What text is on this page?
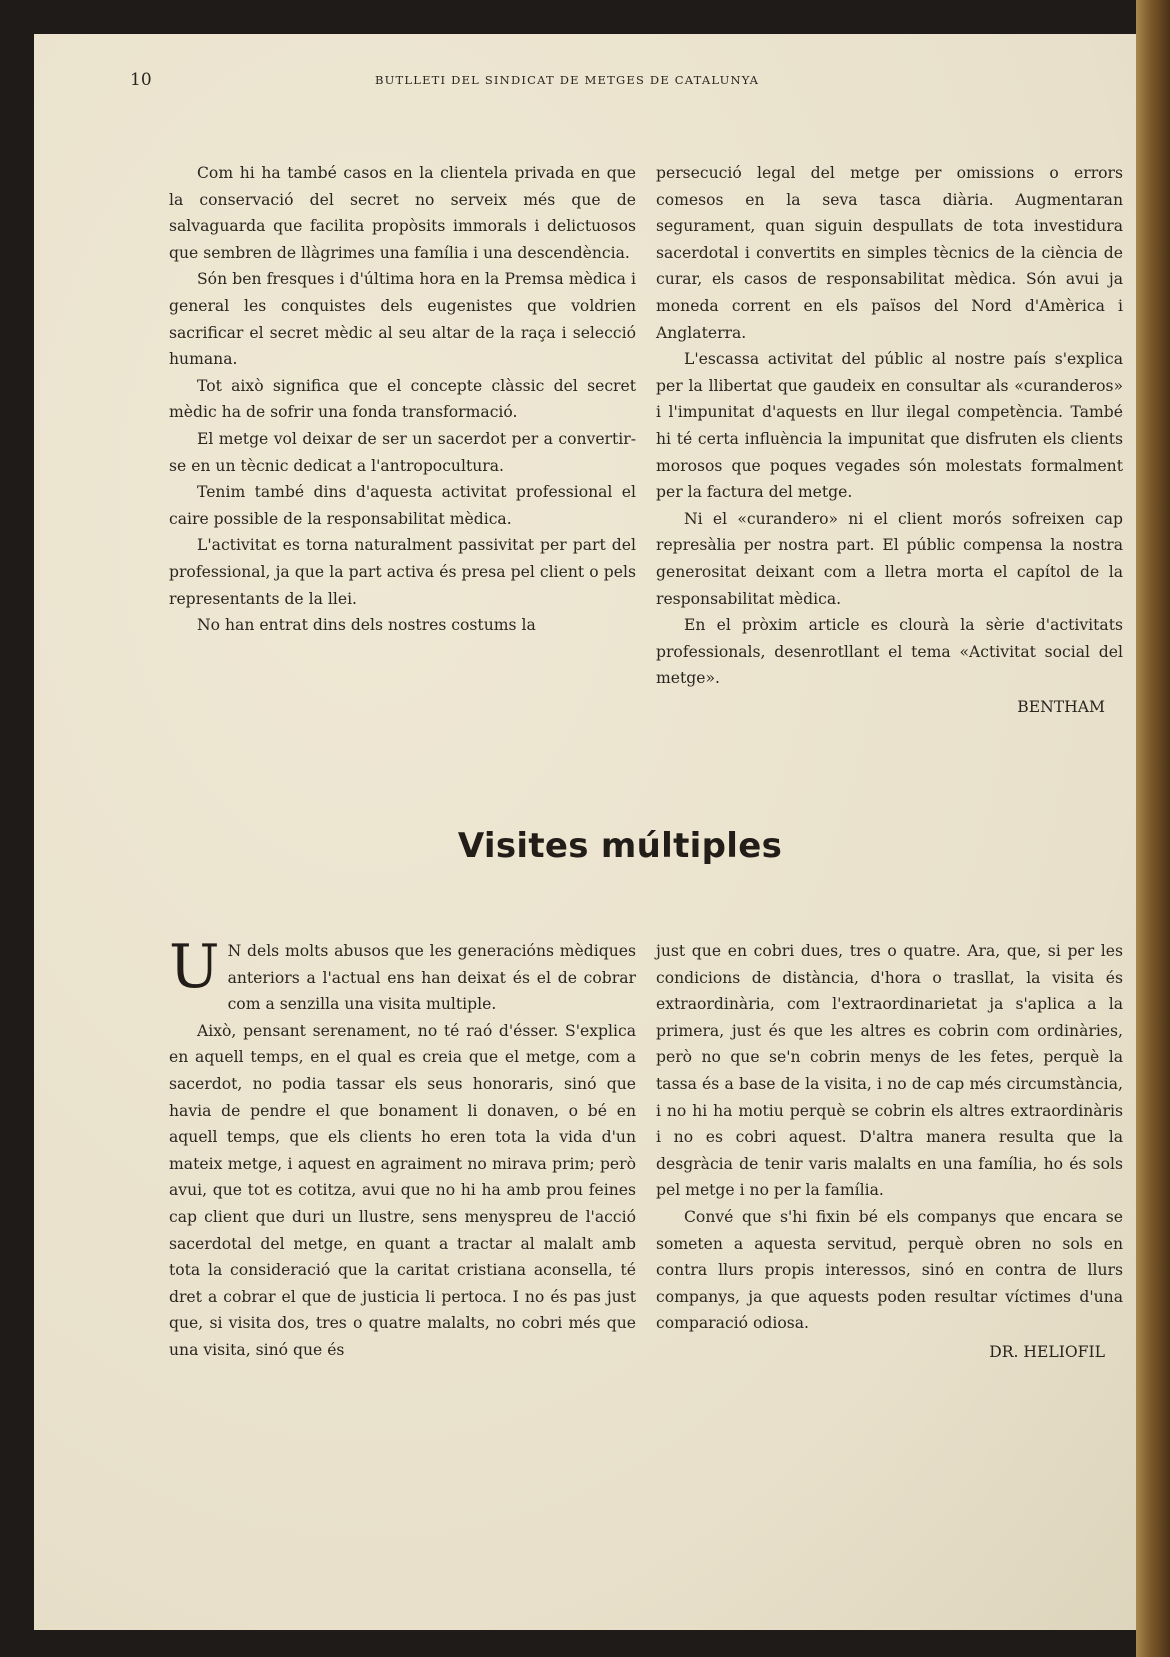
10	BUTLLETI DEL SINDICAT DE METGES DE CATALUNYA

Com hi ha també casos en la clientela privada en que la conservació del secret no serveix més que de salvaguarda que facilita propòsits immorals i delictuosos que sembren de llàgrimes una família i una descendència.

Són ben fresques i d'última hora en la Premsa mèdica i general les conquistes dels eugenistes que voldrien sacrificar el secret mèdic al seu altar de la raça i selecció humana.

Tot això significa que el concepte clàssic del secret mèdic ha de sofrir una fonda transformació.

El metge vol deixar de ser un sacerdot per a convertir-se en un tècnic dedicat a l'antropocultura.

Tenim també dins d'aquesta activitat professional el caire possible de la responsabilitat mèdica.

L'activitat es torna naturalment passivitat per part del professional, ja que la part activa és presa pel client o pels representants de la llei.

No han entrat dins dels nostres costums la

persecució legal del metge per omissions o errors comesos en la seva tasca diària. Augmentaran segurament, quan siguin despullats de tota investidura sacerdotal i convertits en simples tècnics de la ciència de curar, els casos de responsabilitat mèdica. Són avui ja moneda corrent en els països del Nord d'Amèrica i Anglaterra.

L'escassa activitat del públic al nostre país s'explica per la llibertat que gaudeix en consultar als «curanderos» i l'impunitat d'aquests en llur ilegal competència. També hi té certa influència la impunitat que disfruten els clients morosos que poques vegades són molestats formalment per la factura del metge.

Ni el «curandero» ni el client morós sofreixen cap represàlia per nostra part. El públic compensa la nostra generositat deixant com a lletra morta el capítol de la responsabilitat mèdica.

En el pròxim article es clourà la sèrie d'activitats professionals, desenrotllant el tema «Activitat social del metge».

BENTHAM
Visites múltiples

U N dels molts abusos que les generacións mèdiques anteriors a l'actual ens han deixat és el de cobrar com a senzilla una visita multiple.

Això, pensant serenament, no té raó d'ésser. S'explica en aquell temps, en el qual es creia que el metge, com a sacerdot, no podia tassar els seus honoraris, sinó que havia de pendre el que bonament li donaven, o bé en aquell temps, que els clients ho eren tota la vida d'un mateix metge, i aquest en agraiment no mirava prim; però avui, que tot es cotitza, avui que no hi ha amb prou feines cap client que duri un llustre, sens menyspreu de l'acció sacerdotal del metge, en quant a tractar al malalt amb tota la consideració que la caritat cristiana aconsella, té dret a cobrar el que de justicia li pertoca. I no és pas just que, si visita dos, tres o quatre malalts, no cobri més que una visita, sinó que és

just que en cobri dues, tres o quatre. Ara, que, si per les condicions de distància, d'hora o trasllat, la visita és extraordinària, com l'extraordinarietat ja s'aplica a la primera, just és que les altres es cobrin com ordinàries, però no que se'n cobrin menys de les fetes, perquè la tassa és a base de la visita, i no de cap més circumstància, i no hi ha motiu perquè se cobrin els altres extraordinàris i no es cobri aquest. D'altra manera resulta que la desgràcia de tenir varis malalts en una família, ho és sols pel metge i no per la família.

Convé que s'hi fixin bé els companys que encara se someten a aquesta servitud, perquè obren no sols en contra llurs propis interessos, sinó en contra de llurs companys, ja que aquests poden resultar víctimes d'una comparació odiosa.

DR. HELIOFIL
